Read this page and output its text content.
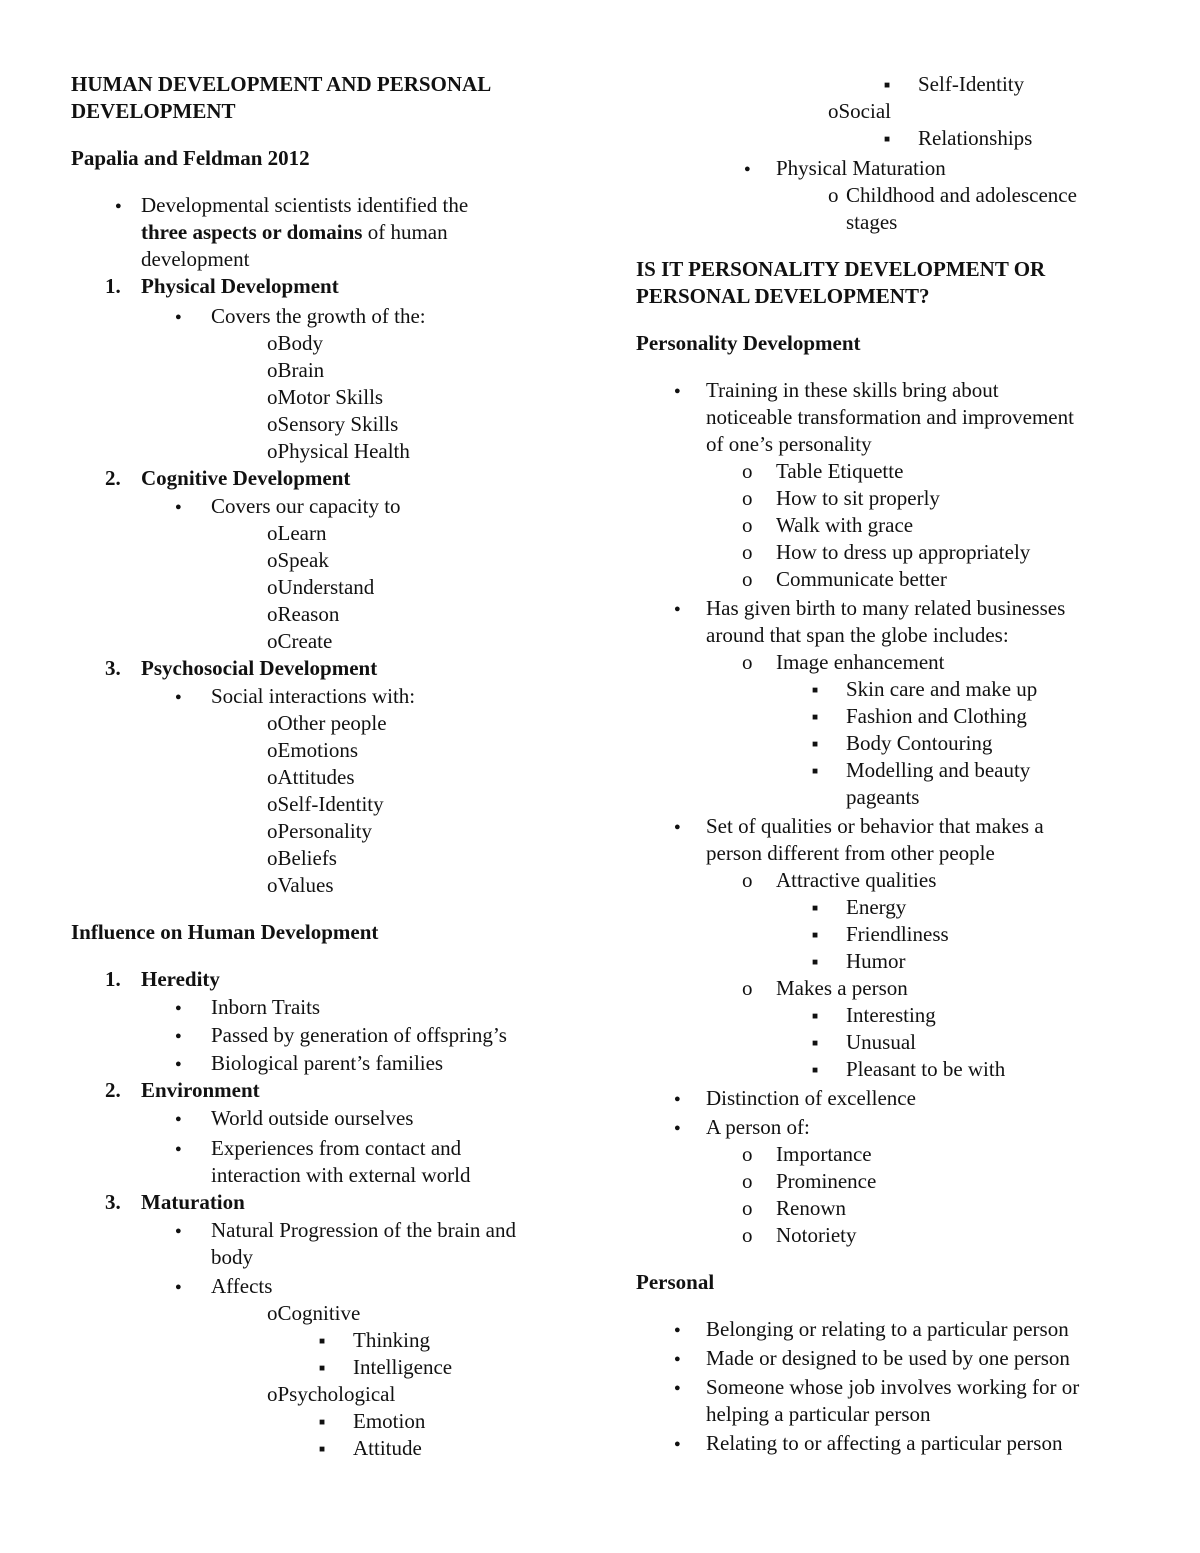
HUMAN DEVELOPMENT AND PERSONAL
DEVELOPMENT
Papalia and Feldman 2012
●
Developmental scientists identified the
three aspects or domains of human
development
1. Physical Development
●
Covers the growth of the:
oBody
oBrain
oMotor Skills
oSensory Skills
oPhysical Health
2. Cognitive Development
●
Covers our capacity to
oLearn
oSpeak
oUnderstand
oReason
oCreate
3. Psychosocial Development
●
Social interactions with:
oOther people
oEmotions
oAttitudes
oSelf-Identity
oPersonality
oBeliefs
oValues
Influence on Human Development
1. Heredity
●
Inborn Traits
●
Passed by generation of offspring’s
●
Biological parent’s families
2. Environment
●
World outside ourselves
●
Experiences from contact and
interaction with external world
3. Maturation
●
Natural Progression of the brain and
body
●
Affects
oCognitive
■
Thinking
■
Intelligence
oPsychological
■
Emotion
■
Attitude
■
Self-Identity
oSocial
■
Relationships
●
Physical Maturation
o Childhood and adolescence
stages
IS IT PERSONALITY DEVELOPMENT OR
PERSONAL DEVELOPMENT?
Personality Development
●
Training in these skills bring about
noticeable transformation and improvement
of one’s personality
o Table Etiquette
o How to sit properly
o Walk with grace
o How to dress up appropriately
o Communicate better
●
Has given birth to many related businesses
around that span the globe includes:
o Image enhancement
■
Skin care and make up
■
Fashion and Clothing
■
Body Contouring
■
Modelling and beauty
pageants
●
Set of qualities or behavior that makes a
person different from other people
o Attractive qualities
■
Energy
■
Friendliness
■
Humor
o Makes a person
■
Interesting
■
Unusual
■
Pleasant to be with
●
Distinction of excellence
●
A person of:
o Importance
o Prominence
o Renown
o Notoriety
Personal
●
Belonging or relating to a particular person
●
Made or designed to be used by one person
●
Someone whose job involves working for or
helping a particular person
●
Relating to or affecting a particular person
